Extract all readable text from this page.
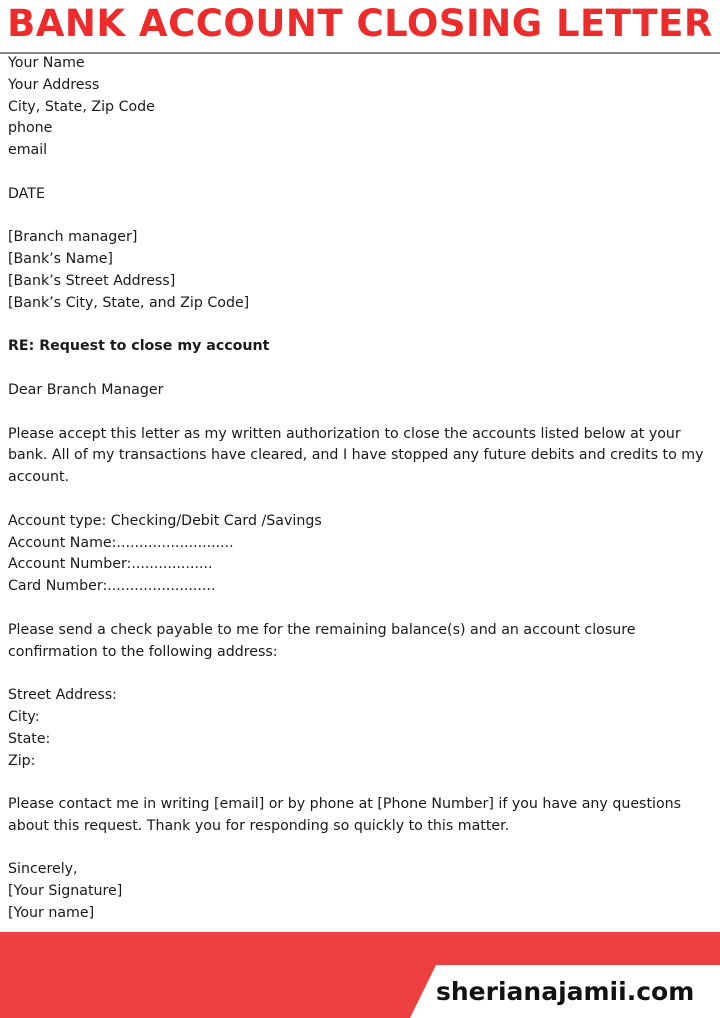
BANK ACCOUNT CLOSING LETTER
Your Name
Your Address
City, State, Zip Code
phone
email
DATE
[Branch manager]
[Bank’s Name]
[Bank’s Street Address]
[Bank’s City, State, and Zip Code]
RE: Request to close my account
Dear Branch Manager
Please accept this letter as my written authorization to close the accounts listed below at your bank. All of my transactions have cleared, and I have stopped any future debits and credits to my account.
Account type: Checking/Debit Card /Savings
Account Name:..........................
Account Number:..................
Card Number:........................
Please send a check payable to me for the remaining balance(s) and an account closure confirmation to the following address:
Street Address:
City:
State:
Zip:
Please contact me in writing [email] or by phone at [Phone Number] if you have any questions about this request. Thank you for responding so quickly to this matter.
Sincerely,
[Your Signature]
[Your name]
sherianajamii.com
